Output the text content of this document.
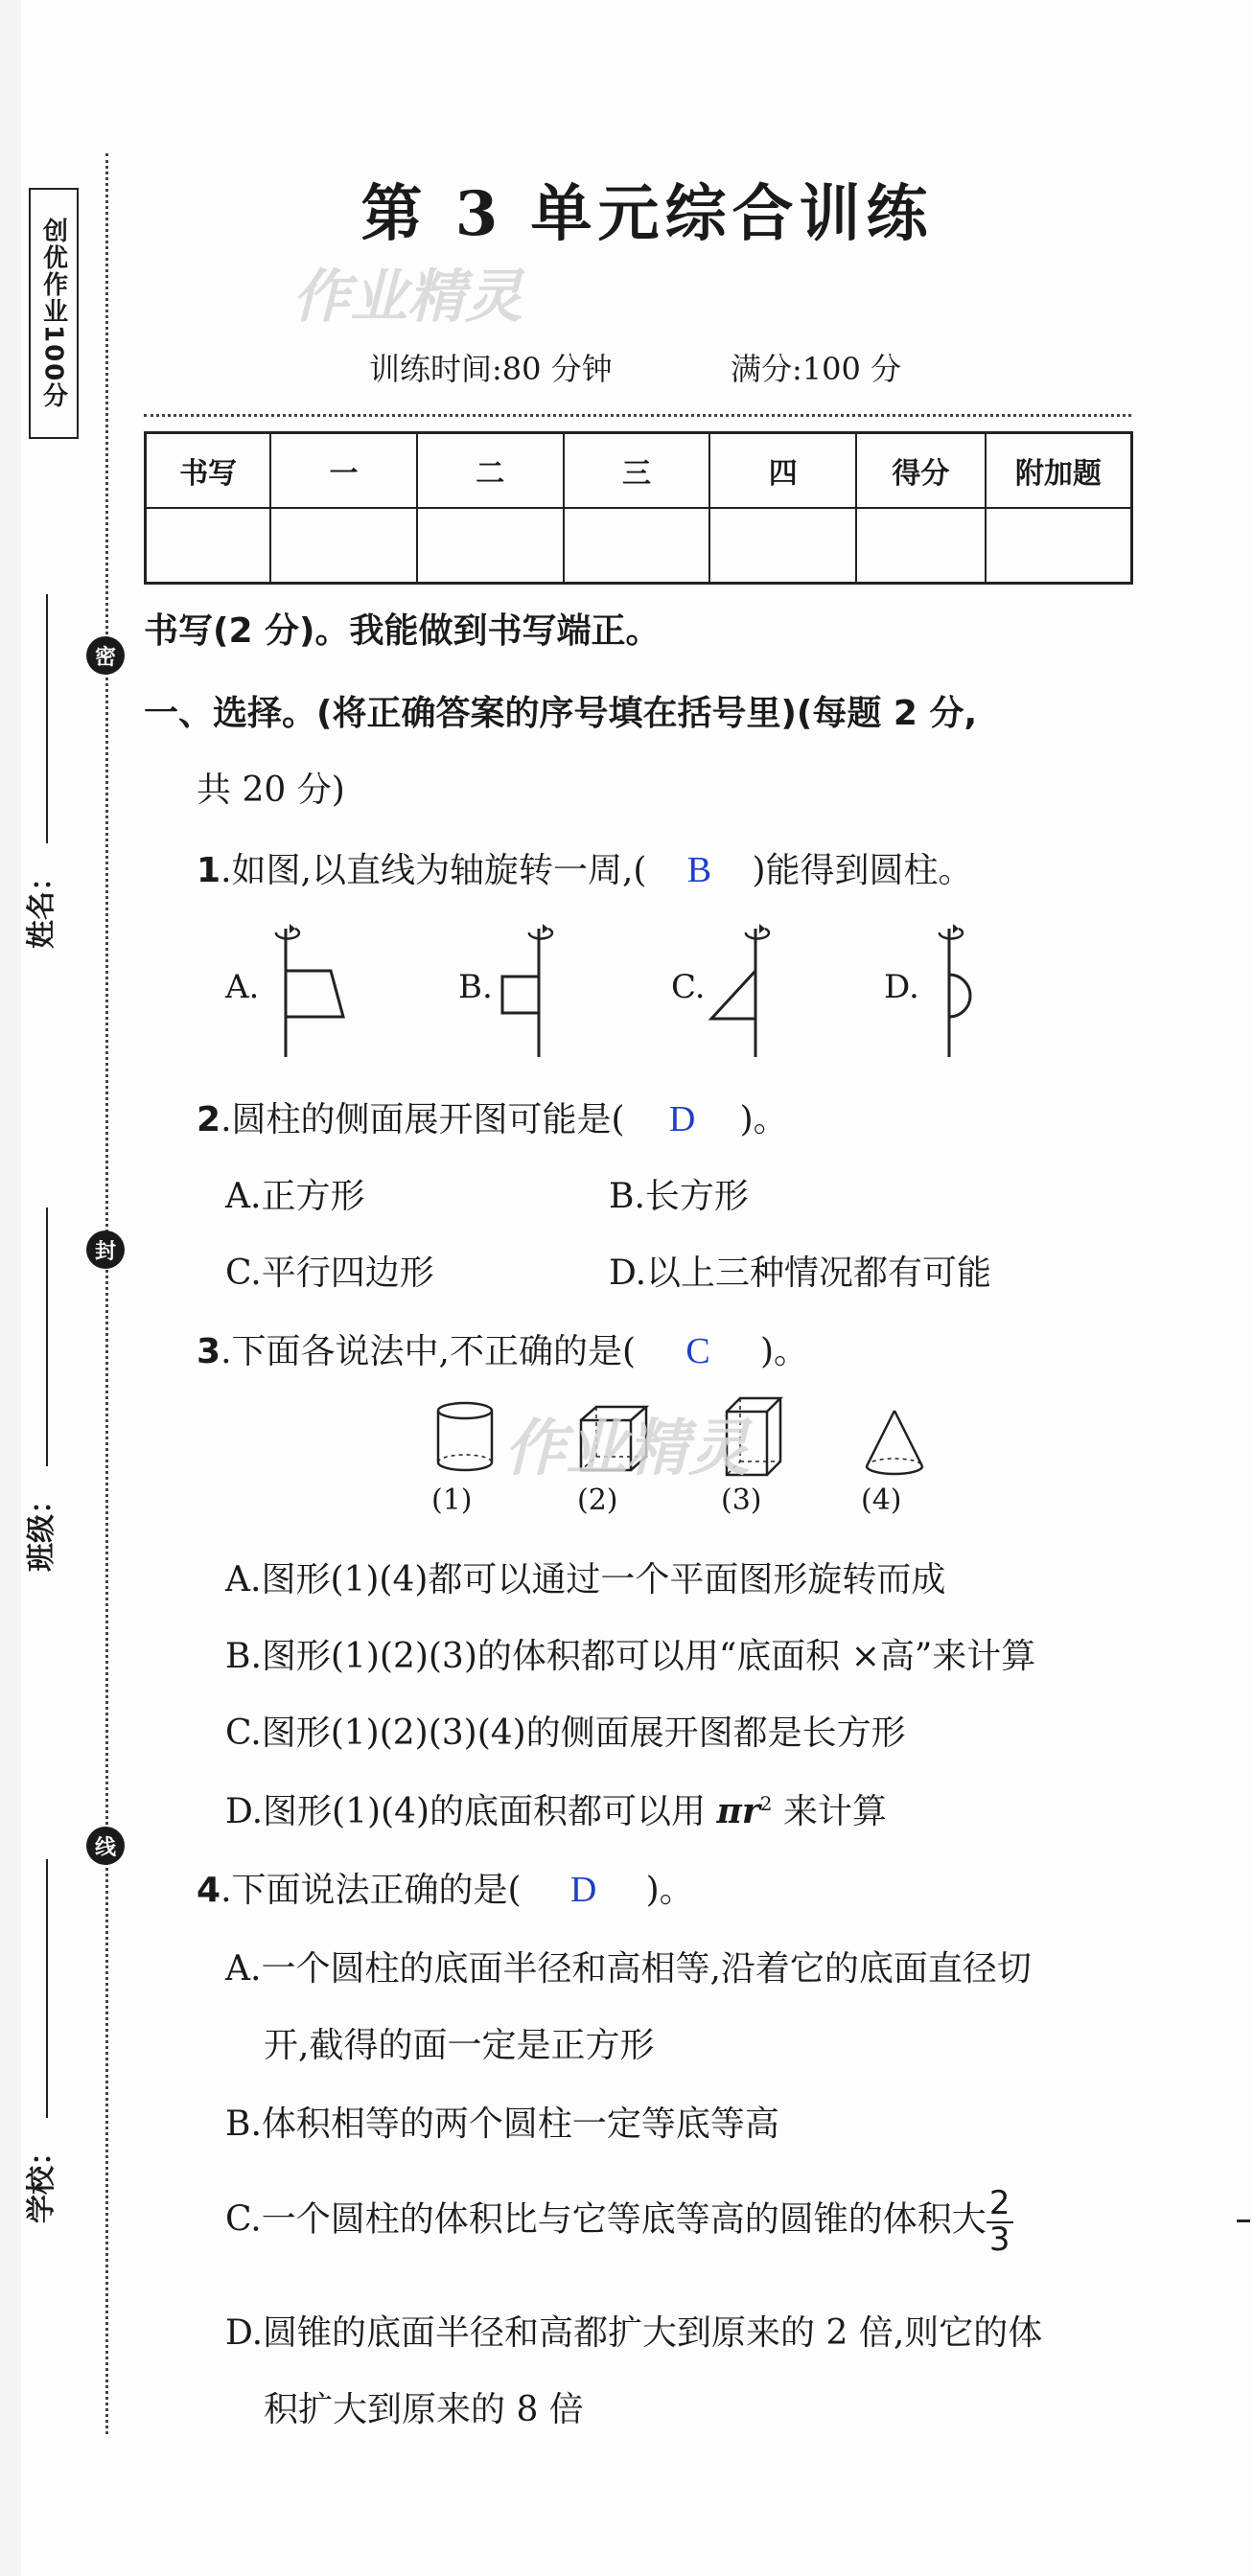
创优作业100分
密
封
线
姓名：
班级：
学校：
第 3 单元综合训练
作业精灵
训练时间:80 分钟	满分:100 分
书写	一	二	三	四	得分	附加题

书写(2 分)。我能做到书写端正。
一、选择。(将正确答案的序号填在括号里)(每题 2 分,
共 20 分)
1.如图,以直线为轴旋转一周,( B )能得到圆柱。
A.	B.	C.	D.
2.圆柱的侧面展开图可能是( D )。
A.正方形	B.长方形
C.平行四边形	D.以上三种情况都有可能
3.下面各说法中,不正确的是( C )。
作业精灵
(1)	(2)	(3)	(4)
A.图形(1)(4)都可以通过一个平面图形旋转而成
B.图形(1)(2)(3)的体积都可以用“底面积 ×高”来计算
C.图形(1)(2)(3)(4)的侧面展开图都是长方形
D.图形(1)(4)的底面积都可以用 $\pi r^2$ 来计算
4.下面说法正确的是( D )。
A.一个圆柱的底面半径和高相等,沿着它的底面直径切
开,截得的面一定是正方形
B.体积相等的两个圆柱一定等底等高
C.一个圆柱的体积比与它等底等高的圆锥的体积大 $\frac{2}{3}$
D.圆锥的底面半径和高都扩大到原来的 2 倍,则它的体
积扩大到原来的 8 倍
